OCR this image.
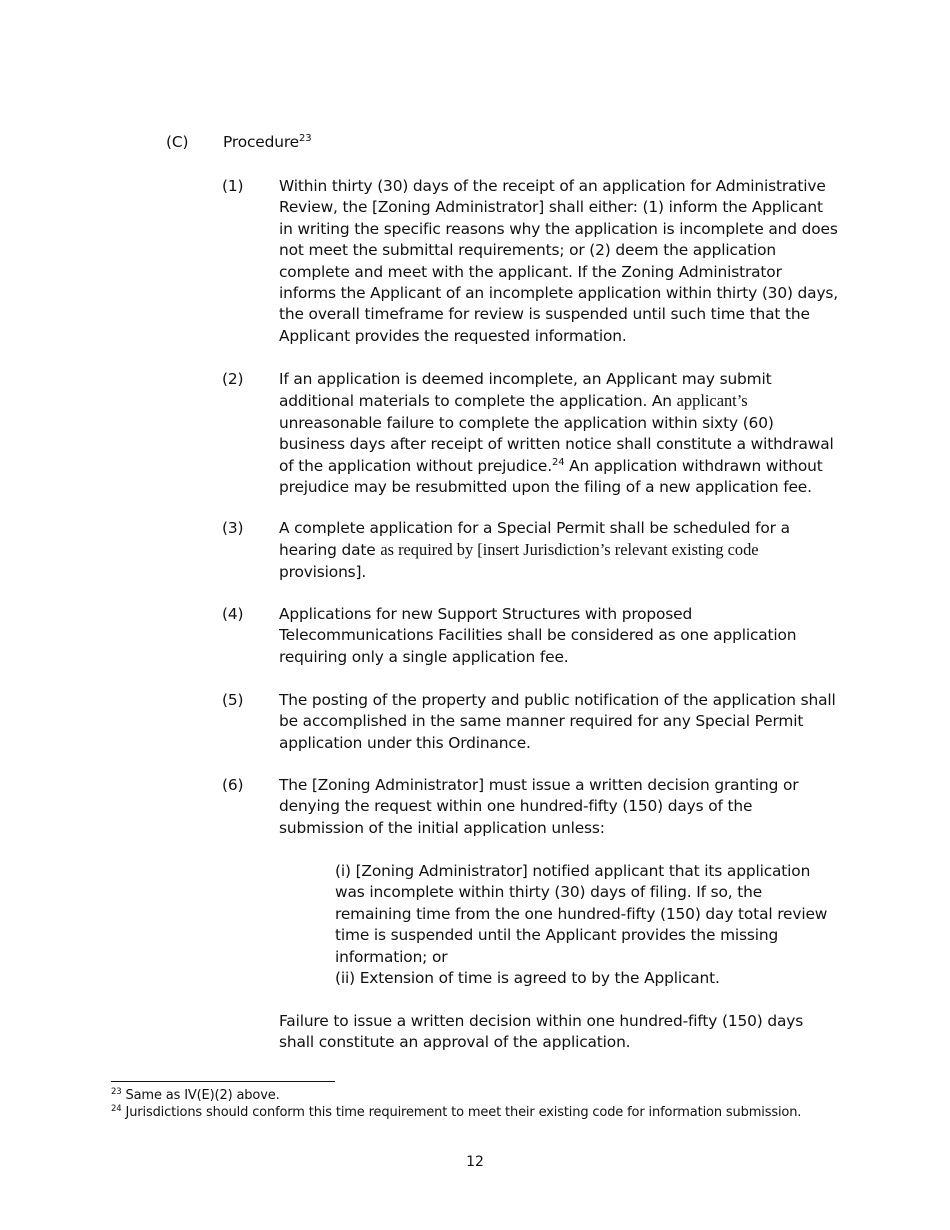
(C) Procedure$^{23}$
(1) Within thirty (30) days of the receipt of an application for Administrative Review, the [Zoning Administrator] shall either: (1) inform the Applicant in writing the specific reasons why the application is incomplete and does not meet the submittal requirements; or (2) deem the application complete and meet with the applicant. If the Zoning Administrator informs the Applicant of an incomplete application within thirty (30) days, the overall timeframe for review is suspended until such time that the Applicant provides the requested information.
(2) If an application is deemed incomplete, an Applicant may submit additional materials to complete the application. An applicant’s unreasonable failure to complete the application within sixty (60) business days after receipt of written notice shall constitute a withdrawal of the application without prejudice.$^{24}$ An application withdrawn without prejudice may be resubmitted upon the filing of a new application fee.
(3) A complete application for a Special Permit shall be scheduled for a hearing date as required by [insert Jurisdiction’s relevant existing code
provisions].
(4) Applications for new Support Structures with proposed Telecommunications Facilities shall be considered as one application requiring only a single application fee.
(5) The posting of the property and public notification of the application shall be accomplished in the same manner required for any Special Permit application under this Ordinance.
(6) The [Zoning Administrator] must issue a written decision granting or denying the request within one hundred-fifty (150) days of the submission of the initial application unless:
(i) [Zoning Administrator] notified applicant that its application was incomplete within thirty (30) days of filing. If so, the remaining time from the one hundred-fifty (150) day total review time is suspended until the Applicant provides the missing information; or
(ii) Extension of time is agreed to by the Applicant.
Failure to issue a written decision within one hundred-fifty (150) days shall constitute an approval of the application.
$^{23}$ Same as IV(E)(2) above.
$^{24}$ Jurisdictions should conform this time requirement to meet their existing code for information submission.
12
